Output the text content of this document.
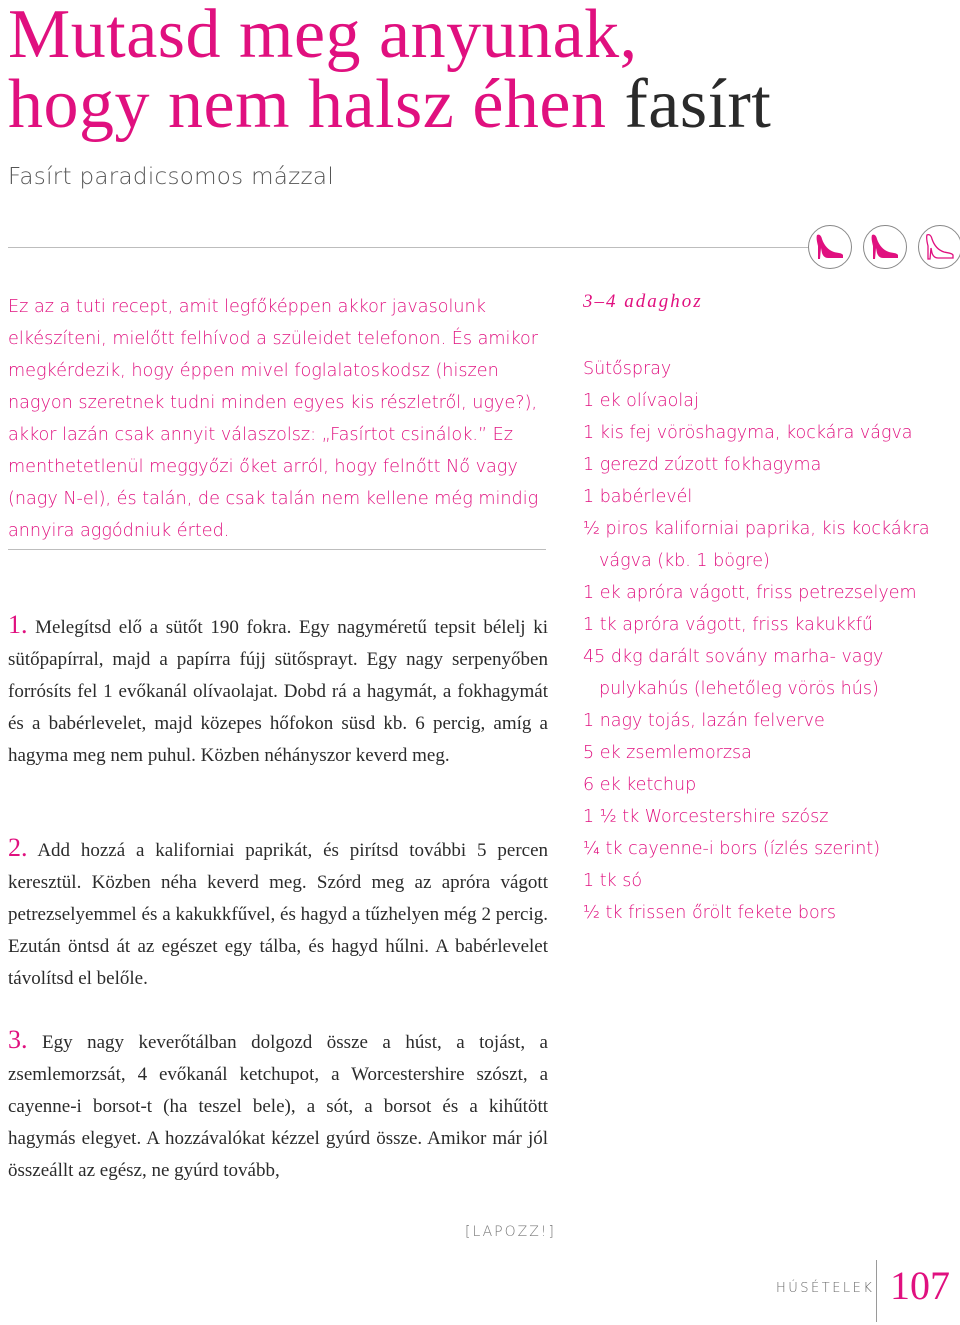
Mutasd meg anyunak,
hogy nem halsz éhen fasírt
Fasírt paradicsomos mázzal

Ez az a tuti recept, amit legfőképpen akkor javasolunk elkészíteni, mielőtt felhívod a szüleidet telefonon. És amikor megkérdezik, hogy éppen mivel foglalatoskodsz (hiszen nagyon szeretnek tudni minden egyes kis részletről, ugye?), akkor lazán csak annyit válaszolsz: „Fasírtot csinálok.” Ez menthetetlenül meggyőzi őket arról, hogy felnőtt Nő vagy (nagy N-el), és talán, de csak talán nem kellene még mindig annyira aggódniuk érted.

1. Melegítsd elő a sütőt 190 fokra. Egy nagyméretű tepsit bélelj ki sütőpapírral, majd a papírra fújj sütősprayt. Egy nagy serpenyőben forrósíts fel 1 evőkanál olívaolajat. Dobd rá a hagymát, a fokhagymát és a babérlevelet, majd közepes hőfokon süsd kb. 6 percig, amíg a hagyma meg nem puhul. Közben néhányszor keverd meg.

2. Add hozzá a kaliforniai paprikát, és pirítsd további 5 percen keresztül. Közben néha keverd meg. Szórd meg az apróra vágott petrezselyemmel és a kakukkfűvel, és hagyd a tűzhelyen még 2 percig. Ezután öntsd át az egészet egy tálba, és hagyd hűlni. A babérlevelet távolítsd el belőle.

3. Egy nagy keverőtálban dolgozd össze a húst, a tojást, a zsemlemorzsát, 4 evőkanál ketchupot, a Worcestershire szószt, a cayenne-i borsot-t (ha teszel bele), a sót, a borsot és a kihűtött hagymás elegyet. A hozzávalókat kézzel gyúrd össze. Amikor már jól összeállt az egész, ne gyúrd tovább,

3–4 adaghoz
Sütőspray
1 ek olívaolaj
1 kis fej vöröshagyma, kockára vágva
1 gerezd zúzott fokhagyma
1 babérlevél
½ piros kaliforniai paprika, kis kockákra vágva (kb. 1 bögre)
1 ek apróra vágott, friss petrezselyem
1 tk apróra vágott, friss kakukkfű
45 dkg darált sovány marha- vagy pulykahús (lehetőleg vörös hús)
1 nagy tojás, lazán felverve
5 ek zsemlemorzsa
6 ek ketchup
1 ½ tk Worcestershire szósz
¼ tk cayenne-i bors (ízlés szerint)
1 tk só
½ tk frissen őrölt fekete bors
[LAPOZZ!]
HÚSÉTELEK 107
